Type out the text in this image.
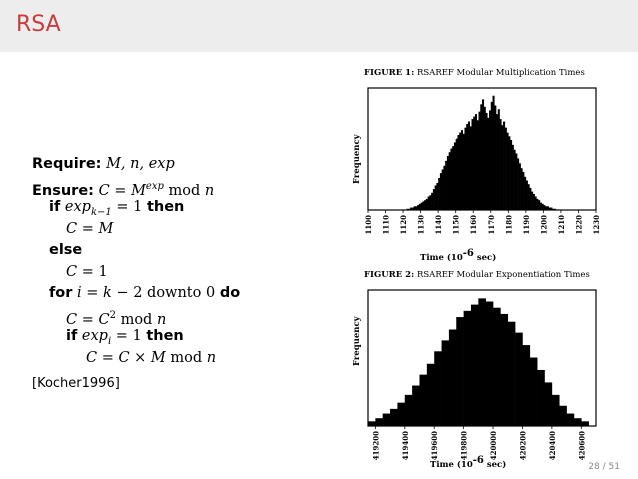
RSA
Require: M, n, exp
Ensure: $C = M^{exp}$ mod n
if $\exp_{k-1} = 1$ then
C = M
else
C = 1
for i = k − 2 downto 0 do
$C = C^2$ mod n
if $\exp_i = 1$ then
C = C × M mod n
[Kocher1996]
FIGURE 1: RSAREF Modular Multiplication Times
Frequency
1100 1110 1120 1130 1140 1150 1160 1170 1180 1190 1200 1210 1220 1230
Time ($10^{-6}$ sec)
FIGURE 2: RSAREF Modular Exponentiation Times
Frequency
419200	419400	419600	419800	420000	420200	420400	420600
Time ($10^{-6}$ sec)	28 / 51
